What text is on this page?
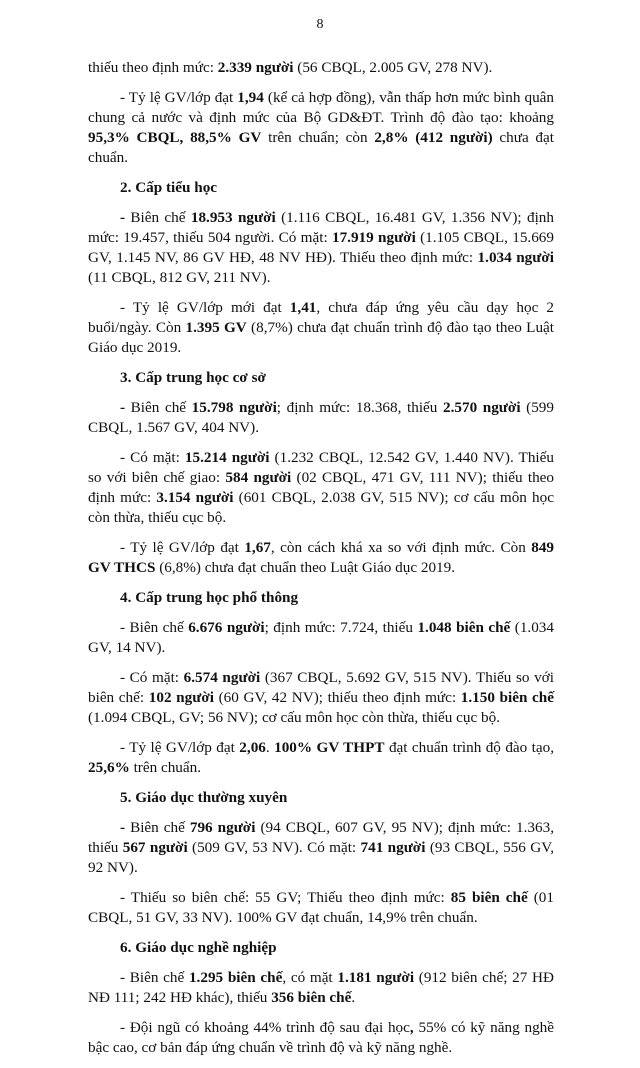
8

thiếu theo định mức: 2.339 người (56 CBQL, 2.005 GV, 278 NV).

- Tỷ lệ GV/lớp đạt 1,94 (kể cả hợp đồng), vẫn thấp hơn mức bình quân chung cả nước và định mức của Bộ GD&ĐT. Trình độ đào tạo: khoảng 95,3% CBQL, 88,5% GV trên chuẩn; còn 2,8% (412 người) chưa đạt chuẩn.

2. Cấp tiểu học

- Biên chế 18.953 người (1.116 CBQL, 16.481 GV, 1.356 NV); định mức: 19.457, thiếu 504 người. Có mặt: 17.919 người (1.105 CBQL, 15.669 GV, 1.145 NV, 86 GV HĐ, 48 NV HĐ). Thiếu theo định mức: 1.034 người (11 CBQL, 812 GV, 211 NV).

- Tỷ lệ GV/lớp mới đạt 1,41, chưa đáp ứng yêu cầu dạy học 2 buổi/ngày. Còn 1.395 GV (8,7%) chưa đạt chuẩn trình độ đào tạo theo Luật Giáo dục 2019.

3. Cấp trung học cơ sở

- Biên chế 15.798 người; định mức: 18.368, thiếu 2.570 người (599 CBQL, 1.567 GV, 404 NV).

- Có mặt: 15.214 người (1.232 CBQL, 12.542 GV, 1.440 NV). Thiếu so với biên chế giao: 584 người (02 CBQL, 471 GV, 111 NV); thiếu theo định mức: 3.154 người (601 CBQL, 2.038 GV, 515 NV); cơ cấu môn học còn thừa, thiếu cục bộ.

- Tỷ lệ GV/lớp đạt 1,67, còn cách khá xa so với định mức. Còn 849 GV THCS (6,8%) chưa đạt chuẩn theo Luật Giáo dục 2019.

4. Cấp trung học phổ thông

- Biên chế 6.676 người; định mức: 7.724, thiếu 1.048 biên chế (1.034 GV, 14 NV).

- Có mặt: 6.574 người (367 CBQL, 5.692 GV, 515 NV). Thiếu so với biên chế: 102 người (60 GV, 42 NV); thiếu theo định mức: 1.150 biên chế (1.094 CBQL, GV; 56 NV); cơ cấu môn học còn thừa, thiếu cục bộ.

- Tỷ lệ GV/lớp đạt 2,06. 100% GV THPT đạt chuẩn trình độ đào tạo, 25,6% trên chuẩn.

5. Giáo dục thường xuyên

- Biên chế 796 người (94 CBQL, 607 GV, 95 NV); định mức: 1.363, thiếu 567 người (509 GV, 53 NV). Có mặt: 741 người (93 CBQL, 556 GV, 92 NV).

- Thiếu so biên chế: 55 GV; Thiếu theo định mức: 85 biên chế (01 CBQL, 51 GV, 33 NV). 100% GV đạt chuẩn, 14,9% trên chuẩn.

6. Giáo dục nghề nghiệp

- Biên chế 1.295 biên chế, có mặt 1.181 người (912 biên chế; 27 HĐ NĐ 111; 242 HĐ khác), thiếu 356 biên chế.

- Đội ngũ có khoảng 44% trình độ sau đại học, 55% có kỹ năng nghề bậc cao, cơ bản đáp ứng chuẩn về trình độ và kỹ năng nghề.
